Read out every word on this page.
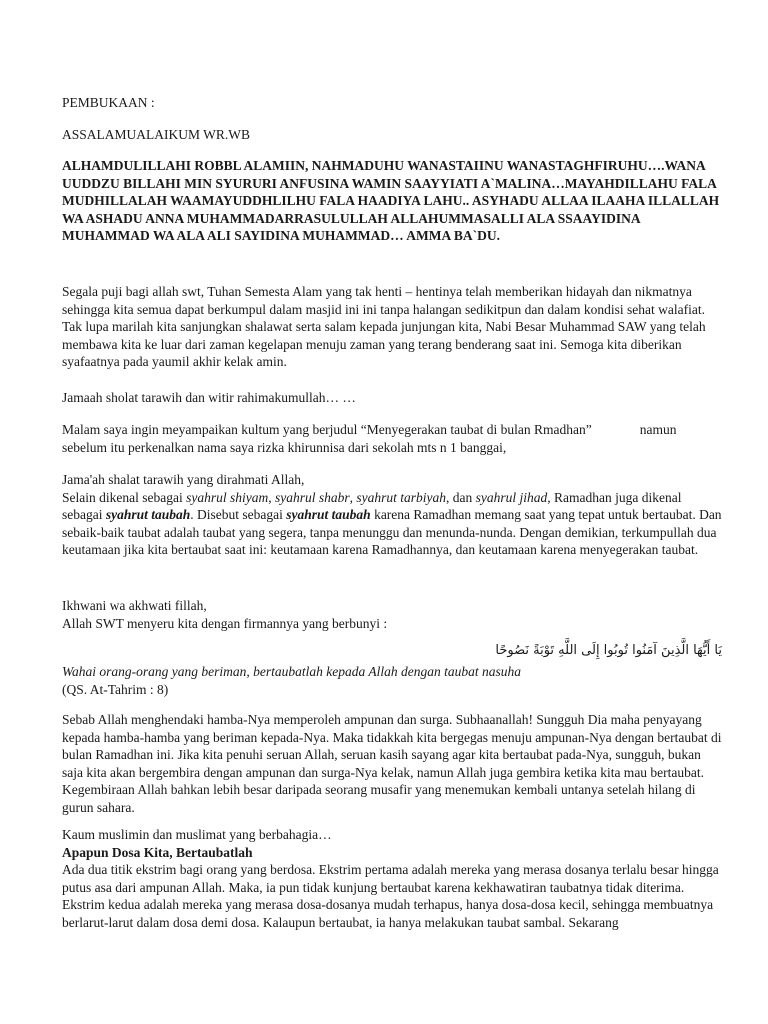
PEMBUKAAN :

ASSALAMUALAIKUM WR.WB

ALHAMDULILLAHI ROBBL ALAMIIN, NAHMADUHU WANASTAIINU WANASTAGHFIRUHU….WANA UUDDZU BILLAHI MIN SYURURI ANFUSINA WAMIN SAAYYIATI A`MALINA…MAYAHDILLAHU FALA MUDHILLALAH WAAMAYUDDHLILHU FALA HAADIYA LAHU.. ASYHADU ALLAA ILAAHA ILLALLAH WA ASHADU ANNA MUHAMMADARRASULULLAH ALLAHUMMASALLI ALA SSAAYIDINA MUHAMMAD WA ALA ALI SAYIDINA MUHAMMAD… AMMA BA`DU.

Segala puji bagi allah swt, Tuhan Semesta Alam yang tak henti – hentinya telah memberikan hidayah dan nikmatnya sehingga kita semua dapat berkumpul dalam masjid ini ini tanpa halangan sedikitpun dan dalam kondisi sehat walafiat. Tak lupa marilah kita sanjungkan shalawat serta salam kepada junjungan kita, Nabi Besar Muhammad SAW yang telah membawa kita ke luar dari zaman kegelapan menuju zaman yang terang benderang saat ini. Semoga kita diberikan syafaatnya pada yaumil akhir kelak amin.

Jamaah sholat tarawih dan witir rahimakumullah… …

Malam saya ingin meyampaikan kultum yang berjudul “Menyegerakan taubat di bulan Rmadhan”	namun
sebelum itu perkenalkan nama saya rizka khirunnisa dari sekolah mts n 1 banggai,

Jama'ah shalat tarawih yang dirahmati Allah,
Selain dikenal sebagai syahrul shiyam, syahrul shabr, syahrut tarbiyah, dan syahrul jihad, Ramadhan juga dikenal sebagai syahrut taubah. Disebut sebagai syahrut taubah karena Ramadhan memang saat yang tepat untuk bertaubat. Dan sebaik-baik taubat adalah taubat yang segera, tanpa menunggu dan menunda-nunda. Dengan demikian, terkumpullah dua keutamaan jika kita bertaubat saat ini: keutamaan karena Ramadhannya, dan keutamaan karena menyegerakan taubat.

Ikhwani wa akhwati fillah,
Allah SWT menyeru kita dengan firmannya yang berbunyi :

يَا أَيُّهَا الَّذِينَ آمَنُوا تُوبُوا إِلَى اللَّهِ تَوْبَةً نَصُوحًا

Wahai orang-orang yang beriman, bertaubatlah kepada Allah dengan taubat nasuha
(QS. At-Tahrim : 8)

Sebab Allah menghendaki hamba-Nya memperoleh ampunan dan surga. Subhaanallah! Sungguh Dia maha penyayang kepada hamba-hamba yang beriman kepada-Nya. Maka tidakkah kita bergegas menuju ampunan-Nya dengan bertaubat di bulan Ramadhan ini. Jika kita penuhi seruan Allah, seruan kasih sayang agar kita bertaubat pada-Nya, sungguh, bukan saja kita akan bergembira dengan ampunan dan surga-Nya kelak, namun Allah juga gembira ketika kita mau bertaubat. Kegembiraan Allah bahkan lebih besar daripada seorang musafir yang menemukan kembali untanya setelah hilang di gurun sahara.

Kaum muslimin dan muslimat yang berbahagia…
Apapun Dosa Kita, Bertaubatlah
Ada dua titik ekstrim bagi orang yang berdosa. Ekstrim pertama adalah mereka yang merasa dosanya terlalu besar hingga putus asa dari ampunan Allah. Maka, ia pun tidak kunjung bertaubat karena kekhawatiran taubatnya tidak diterima. Ekstrim kedua adalah mereka yang merasa dosa-dosanya mudah terhapus, hanya dosa-dosa kecil, sehingga membuatnya berlarut-larut dalam dosa demi dosa. Kalaupun bertaubat, ia hanya melakukan taubat sambal. Sekarang
